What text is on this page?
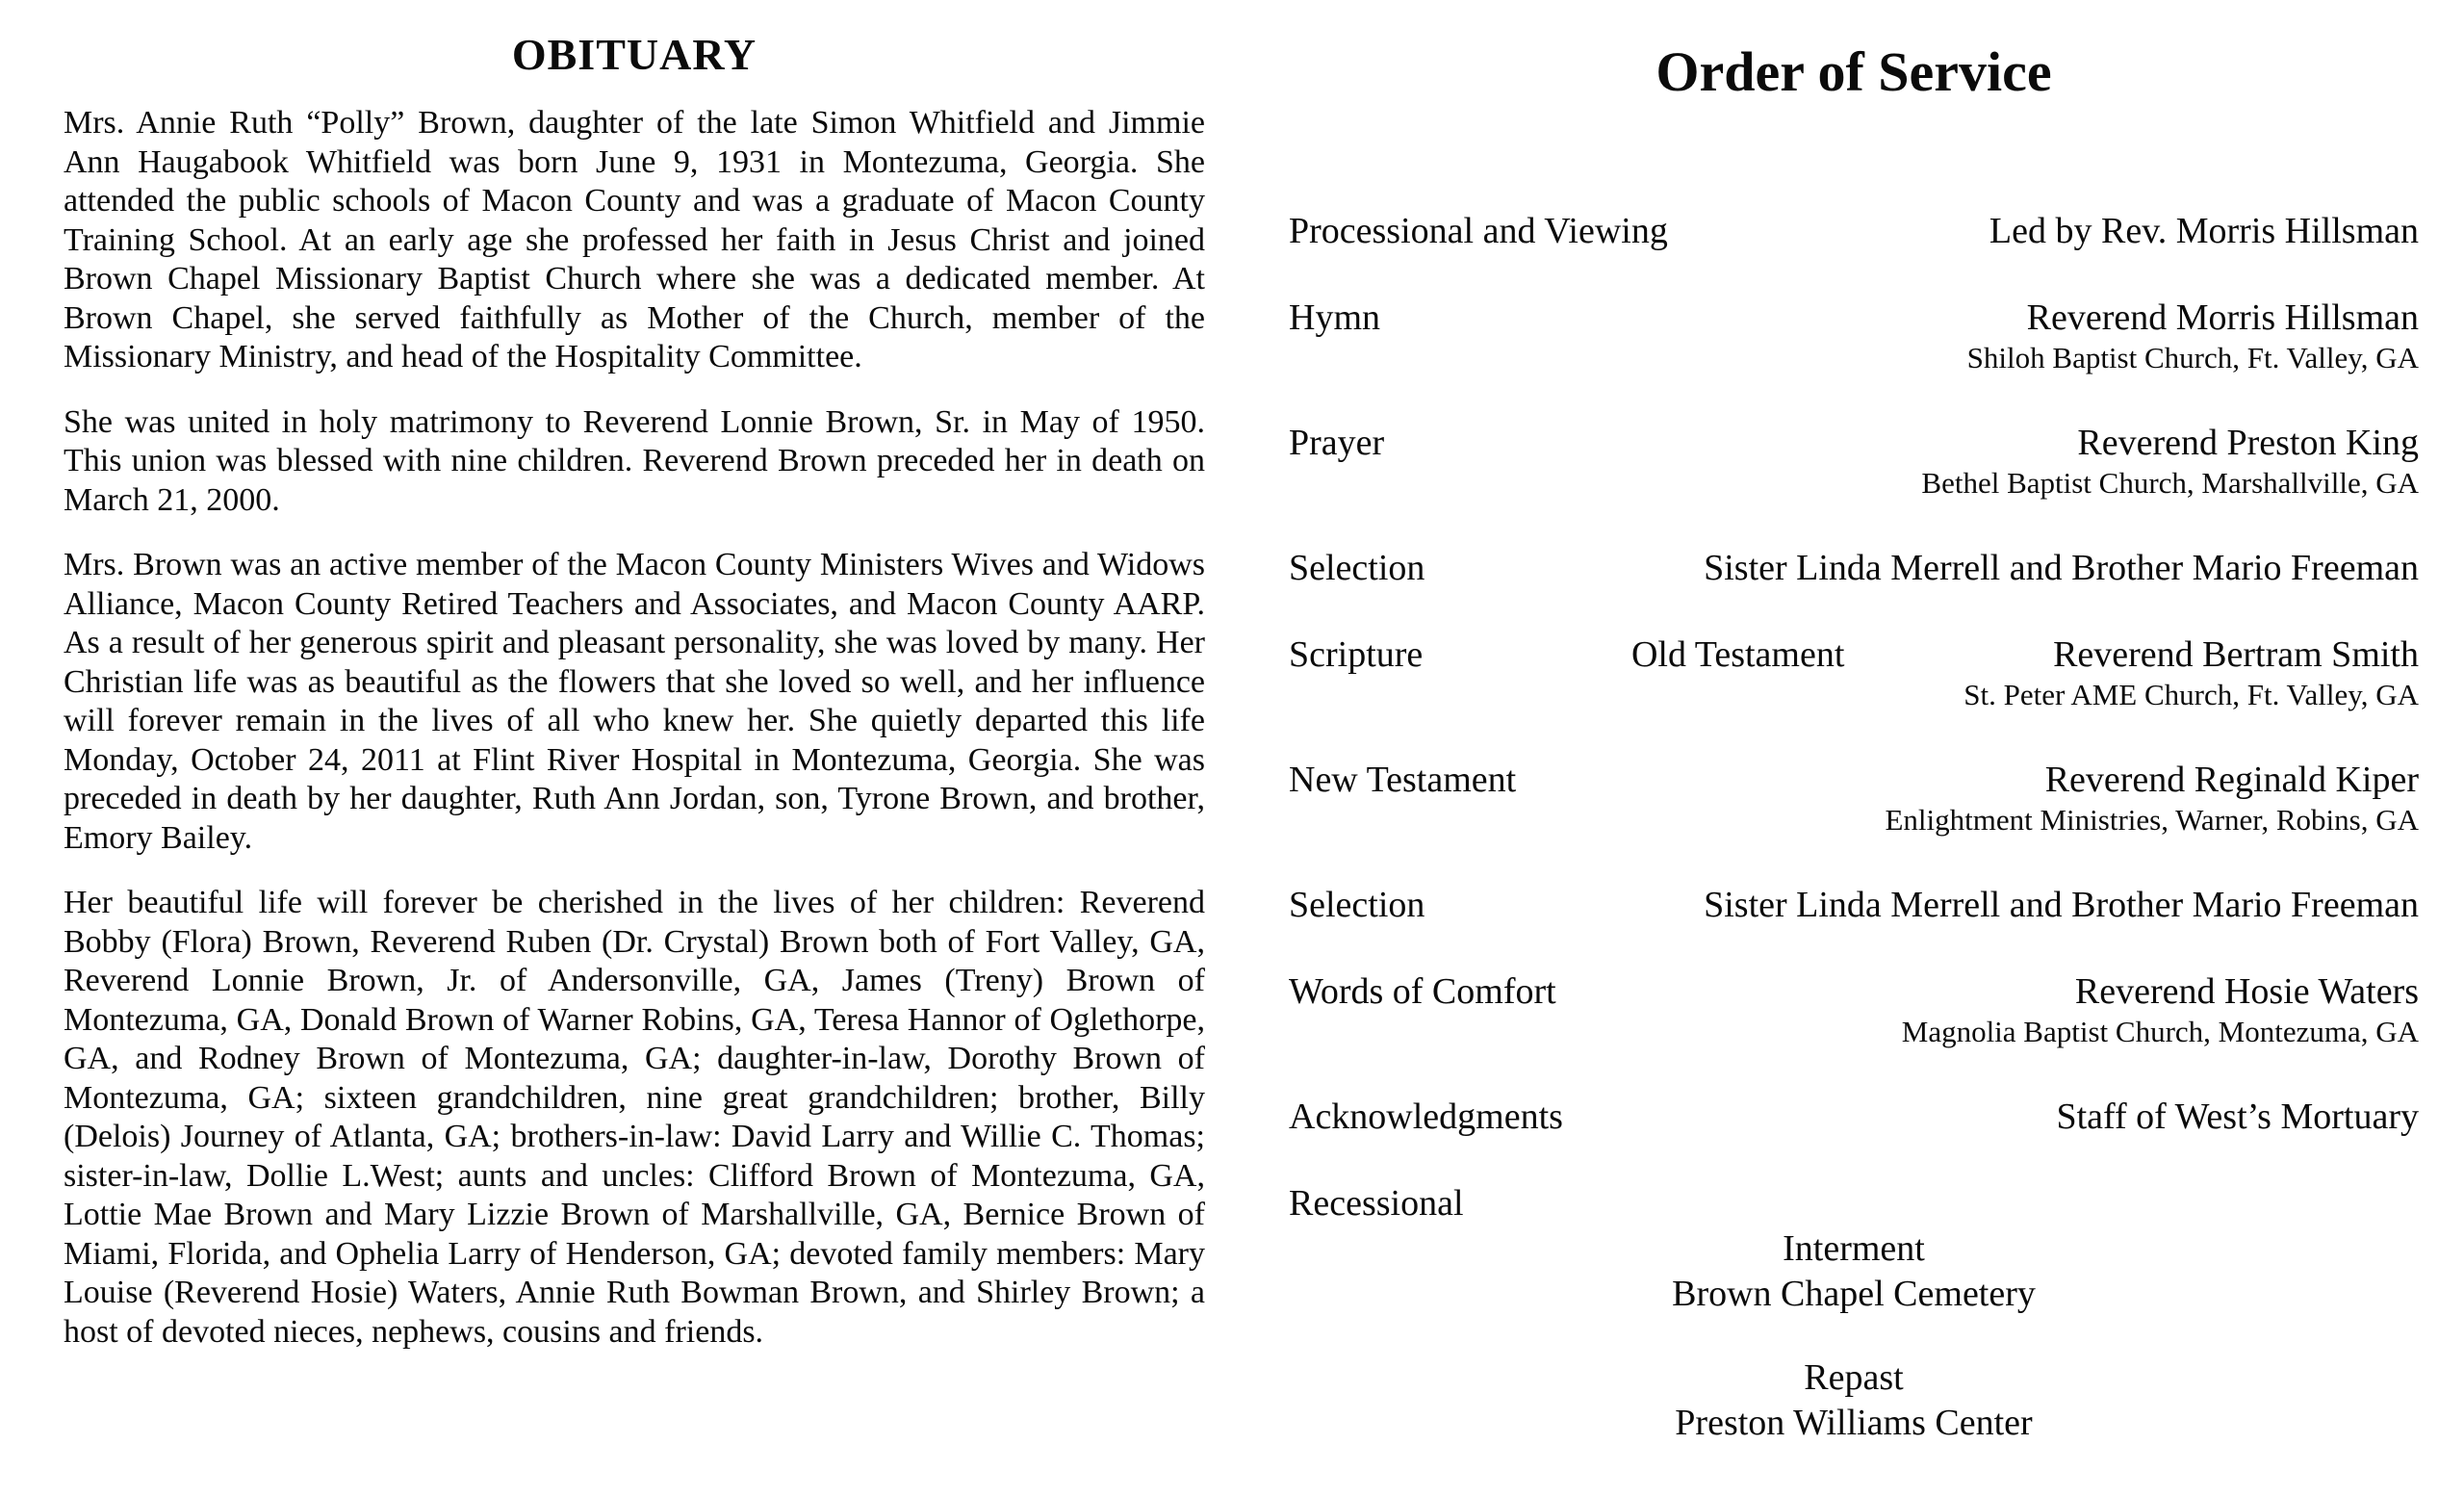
OBITUARY

Mrs. Annie Ruth “Polly” Brown, daughter of the late Simon Whitfield and Jimmie Ann Haugabook Whitfield was born June 9, 1931 in Montezuma, Georgia. She attended the public schools of Macon County and was a graduate of Macon County Training School. At an early age she professed her faith in Jesus Christ and joined Brown Chapel Missionary Baptist Church where she was a dedicated member. At Brown Chapel, she served faithfully as Mother of the Church, member of the Missionary Ministry, and head of the Hospitality Committee.

She was united in holy matrimony to Reverend Lonnie Brown, Sr. in May of 1950. This union was blessed with nine children. Reverend Brown preceded her in death on March 21, 2000.

Mrs. Brown was an active member of the Macon County Ministers Wives and Widows Alliance, Macon County Retired Teachers and Associates, and Macon County AARP. As a result of her generous spirit and pleasant personality, she was loved by many. Her Christian life was as beautiful as the flowers that she loved so well, and her influence will forever remain in the lives of all who knew her. She quietly departed this life Monday, October 24, 2011 at Flint River Hospital in Montezuma, Georgia. She was preceded in death by her daughter, Ruth Ann Jordan, son, Tyrone Brown, and brother, Emory Bailey.

Her beautiful life will forever be cherished in the lives of her children: Reverend Bobby (Flora) Brown, Reverend Ruben (Dr. Crystal) Brown both of Fort Valley, GA, Reverend Lonnie Brown, Jr. of Andersonville, GA, James (Treny) Brown of Montezuma, GA, Donald Brown of Warner Robins, GA, Teresa Hannor of Oglethorpe, GA, and Rodney Brown of Montezuma, GA; daughter-in-law, Dorothy Brown of Montezuma, GA; sixteen grandchildren, nine great grandchildren; brother, Billy (Delois) Journey of Atlanta, GA; brothers-in-law: David Larry and Willie C. Thomas; sister-in-law, Dollie L.West; aunts and uncles: Clifford Brown of Montezuma, GA, Lottie Mae Brown and Mary Lizzie Brown of Marshallville, GA, Bernice Brown of Miami, Florida, and Ophelia Larry of Henderson, GA; devoted family members: Mary Louise (Reverend Hosie) Waters, Annie Ruth Bowman Brown, and Shirley Brown; a host of devoted nieces, nephews, cousins and friends.

Order of Service
Processional and Viewing	Led by Rev. Morris Hillsman
Hymn	Reverend Morris Hillsman
Shiloh Baptist Church, Ft. Valley, GA
Prayer	Reverend Preston King
Bethel Baptist Church, Marshallville, GA
Selection	Sister Linda Merrell and Brother Mario Freeman
Scripture	Old Testament	Reverend Bertram Smith
St. Peter AME Church, Ft. Valley, GA
New Testament	Reverend Reginald Kiper
Enlightment Ministries, Warner, Robins, GA
Selection	Sister Linda Merrell and Brother Mario Freeman
Words of Comfort	Reverend Hosie Waters
Magnolia Baptist Church, Montezuma, GA
Acknowledgments	Staff of West’s Mortuary
Recessional
Interment
Brown Chapel Cemetery
Repast
Preston Williams Center
